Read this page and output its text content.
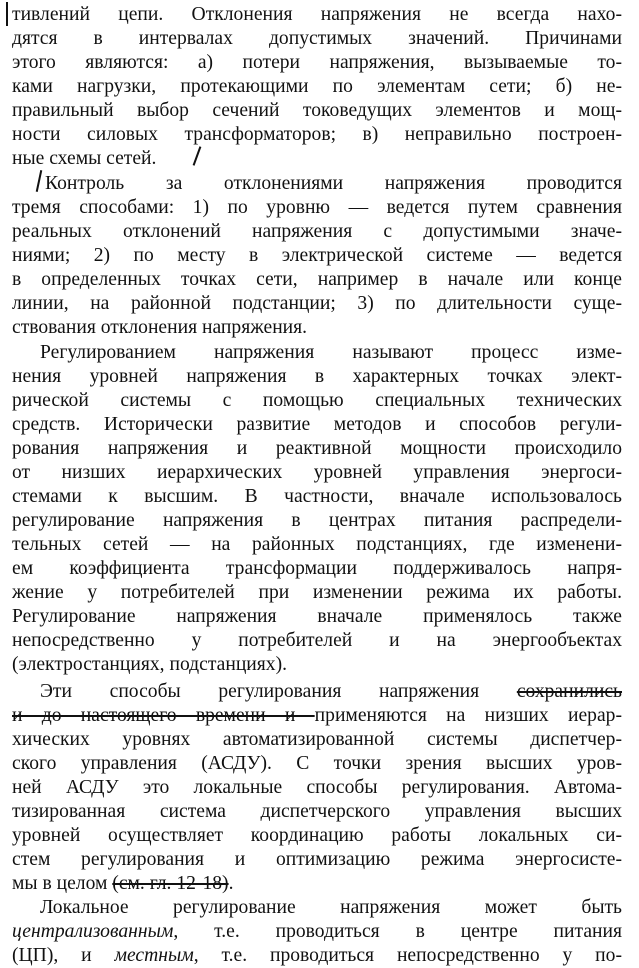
тивлений цепи. Отклонения напряжения не всегда нахо-
дятся в интервалах допустимых значений. Причинами
этого являются: а) потери напряжения, вызываемые то-
ками нагрузки, протекающими по элементам сети; б) не-
правильный выбор сечений токоведущих элементов и мощ-
ности силовых трансформаторов; в) неправильно построен-
ные схемы сетей.
Контроль за отклонениями напряжения проводится
тремя способами: 1) по уровню — ведется путем сравнения
реальных отклонений напряжения с допустимыми значе-
ниями; 2) по месту в электрической системе — ведется
в определенных точках сети, например в начале или конце
линии, на районной подстанции; 3) по длительности суще-
ствования отклонения напряжения.
Регулированием напряжения называют процесс изме-
нения уровней напряжения в характерных точках элект-
рической системы с помощью специальных технических
средств. Исторически развитие методов и способов регули-
рования напряжения и реактивной мощности происходило
от низших иерархических уровней управления энергоси-
стемами к высшим. В частности, вначале использовалось
регулирование напряжения в центрах питания распредели-
тельных сетей — на районных подстанциях, где изменени-
ем коэффициента трансформации поддерживалось напря-
жение у потребителей при изменении режима их работы.
Регулирование напряжения вначале применялось также
непосредственно у потребителей и на энергообъектах
(электростанциях, подстанциях).
Эти способы регулирования напряжения сохранились
и до настоящего времени и применяются на низших иерар-
хических уровнях автоматизированной системы диспетчер-
ского управления (АСДУ). С точки зрения высших уров-
ней АСДУ это локальные способы регулирования. Автома-
тизированная система диспетчерского управления высших
уровней осуществляет координацию работы локальных си-
стем регулирования и оптимизацию режима энергосисте-
мы в целом (см. гл. 12-18).
Локальное регулирование напряжения может быть
централизованным, т.е. проводиться в центре питания
(ЦП), и местным, т.е. проводиться непосредственно у по-
